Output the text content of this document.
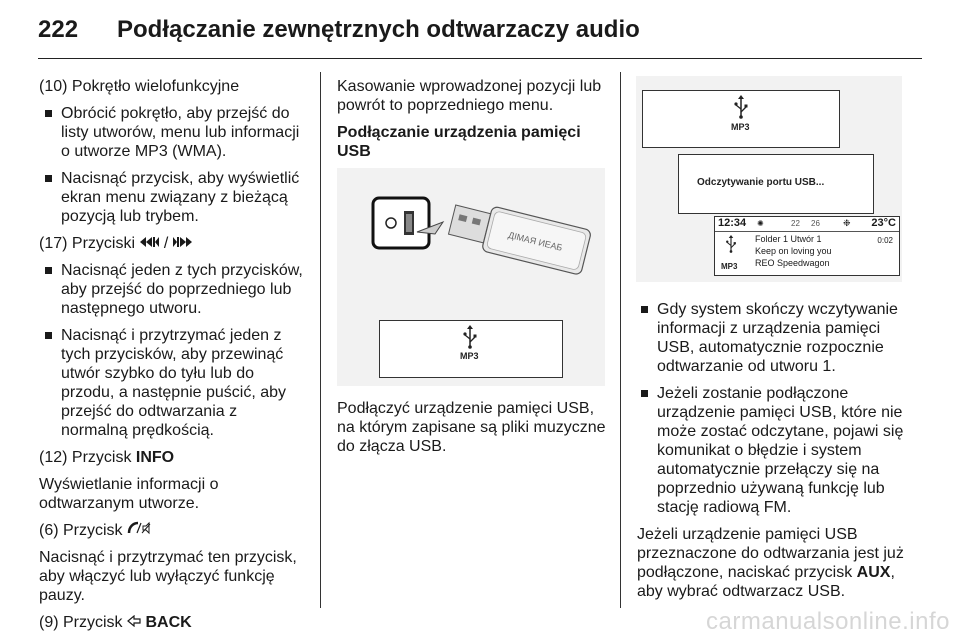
222 Podłączanie zewnętrznych odtwarzaczy audio

(10) Pokrętło wielofunkcyjne

Obrócić pokrętło, aby przejść do listy utworów, menu lub informacji o utworze MP3 (WMA).
Nacisnąć przycisk, aby wyświetlić ekran menu związany z bieżącą pozycją lub trybem.

(17) Przyciski /

Nacisnąć jeden z tych przycisków, aby przejść do poprzedniego lub następnego utworu.
Nacisnąć i przytrzymać jeden z tych przycisków, aby przewinąć utwór szybko do tyłu lub do przodu, a następnie puścić, aby przejść do odtwarzania z normalną prędkością.

(12) Przycisk INFO

Wyświetlanie informacji o odtwarzanym utworze.

(6) Przycisk

Nacisnąć i przytrzymać ten przycisk, aby włączyć lub wyłączyć funkcję pauzy.

(9) Przycisk BACK

Kasowanie wprowadzonej pozycji lub powrót to poprzedniego menu.

Podłączanie urządzenia pamięci USB

ДІМАЯ ИЕАБ
MP3

Podłączyć urządzenie pamięci USB, na którym zapisane są pliki muzyczne do złącza USB.

MP3
Odczytywanie portu USB...
12:34 ✺	22 26	❉ 23°C
MP3
Folder 1 Utwór 1	0:02
Keep on loving you
REO Speedwagon
Gdy system skończy wczytywanie informacji z urządzenia pamięci USB, automatycznie rozpocznie odtwarzanie od utworu 1.
Jeżeli zostanie podłączone urządzenie pamięci USB, które nie może zostać odczytane, pojawi się komunikat o błędzie i system automatycznie przełączy się na poprzednio używaną funkcję lub stację radiową FM.

Jeżeli urządzenie pamięci USB przeznaczone do odtwarzania jest już podłączone, naciskać przycisk AUX, aby wybrać odtwarzacz USB.

carmanualsonline.info
